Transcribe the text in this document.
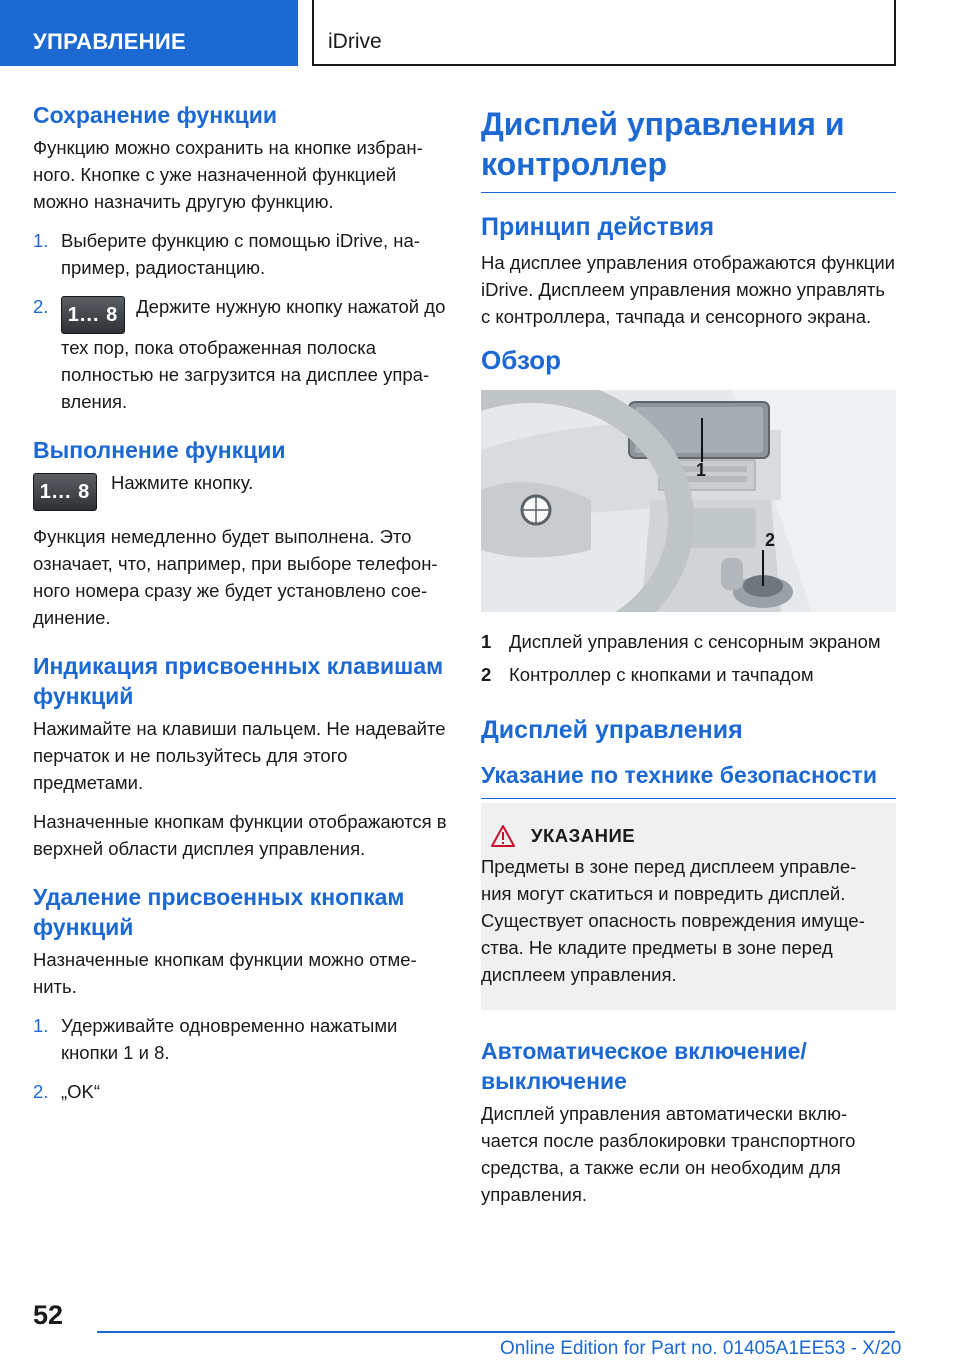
УПРАВЛЕНИЕ	iDrive
Сохранение функции

Функцию можно сохранить на кнопке избранного. Кнопке с уже назначенной функцией можно назначить другую функцию.

1. Выберите функцию с помощью iDrive, например, радиостанцию.
2. 1... 8 Держите нужную кнопку нажатой до тех пор, пока отображенная полоска полностью не загрузится на дисплее управления.
Выполнение функции
1... 8	Нажмите кнопку.

Функция немедленно будет выполнена. Это означает, что, например, при выборе телефонного номера сразу же будет установлено соединение.

Индикация присвоенных клавишам функций

Нажимайте на клавиши пальцем. Не надевайте перчаток и не пользуйтесь для этого предметами.

Назначенные кнопкам функции отображаются в верхней области дисплея управления.

Удаление присвоенных кнопкам функций

Назначенные кнопкам функции можно отменить.

1. Удерживайте одновременно нажатыми кнопки 1 и 8.
2. „OK“
Дисплей управления и контроллер
Принцип действия

На дисплее управления отображаются функции iDrive. Дисплеем управления можно управлять с контроллера, тачпада и сенсорного экрана.

Обзор
1
2
1 Дисплей управления с сенсорным экраном
2 Контроллер с кнопками и тачпадом
Дисплей управления
Указание по технике безопасности
УКАЗАНИЕ

Предметы в зоне перед дисплеем управления могут скатиться и повредить дисплей. Существует опасность повреждения имущества. Не кладите предметы в зоне перед дисплеем управления.

Автоматическое включение/выключение

Дисплей управления автоматически включается после разблокировки транспортного средства, а также если он необходим для управления.

52
Online Edition for Part no. 01405A1EE53 - X/20
